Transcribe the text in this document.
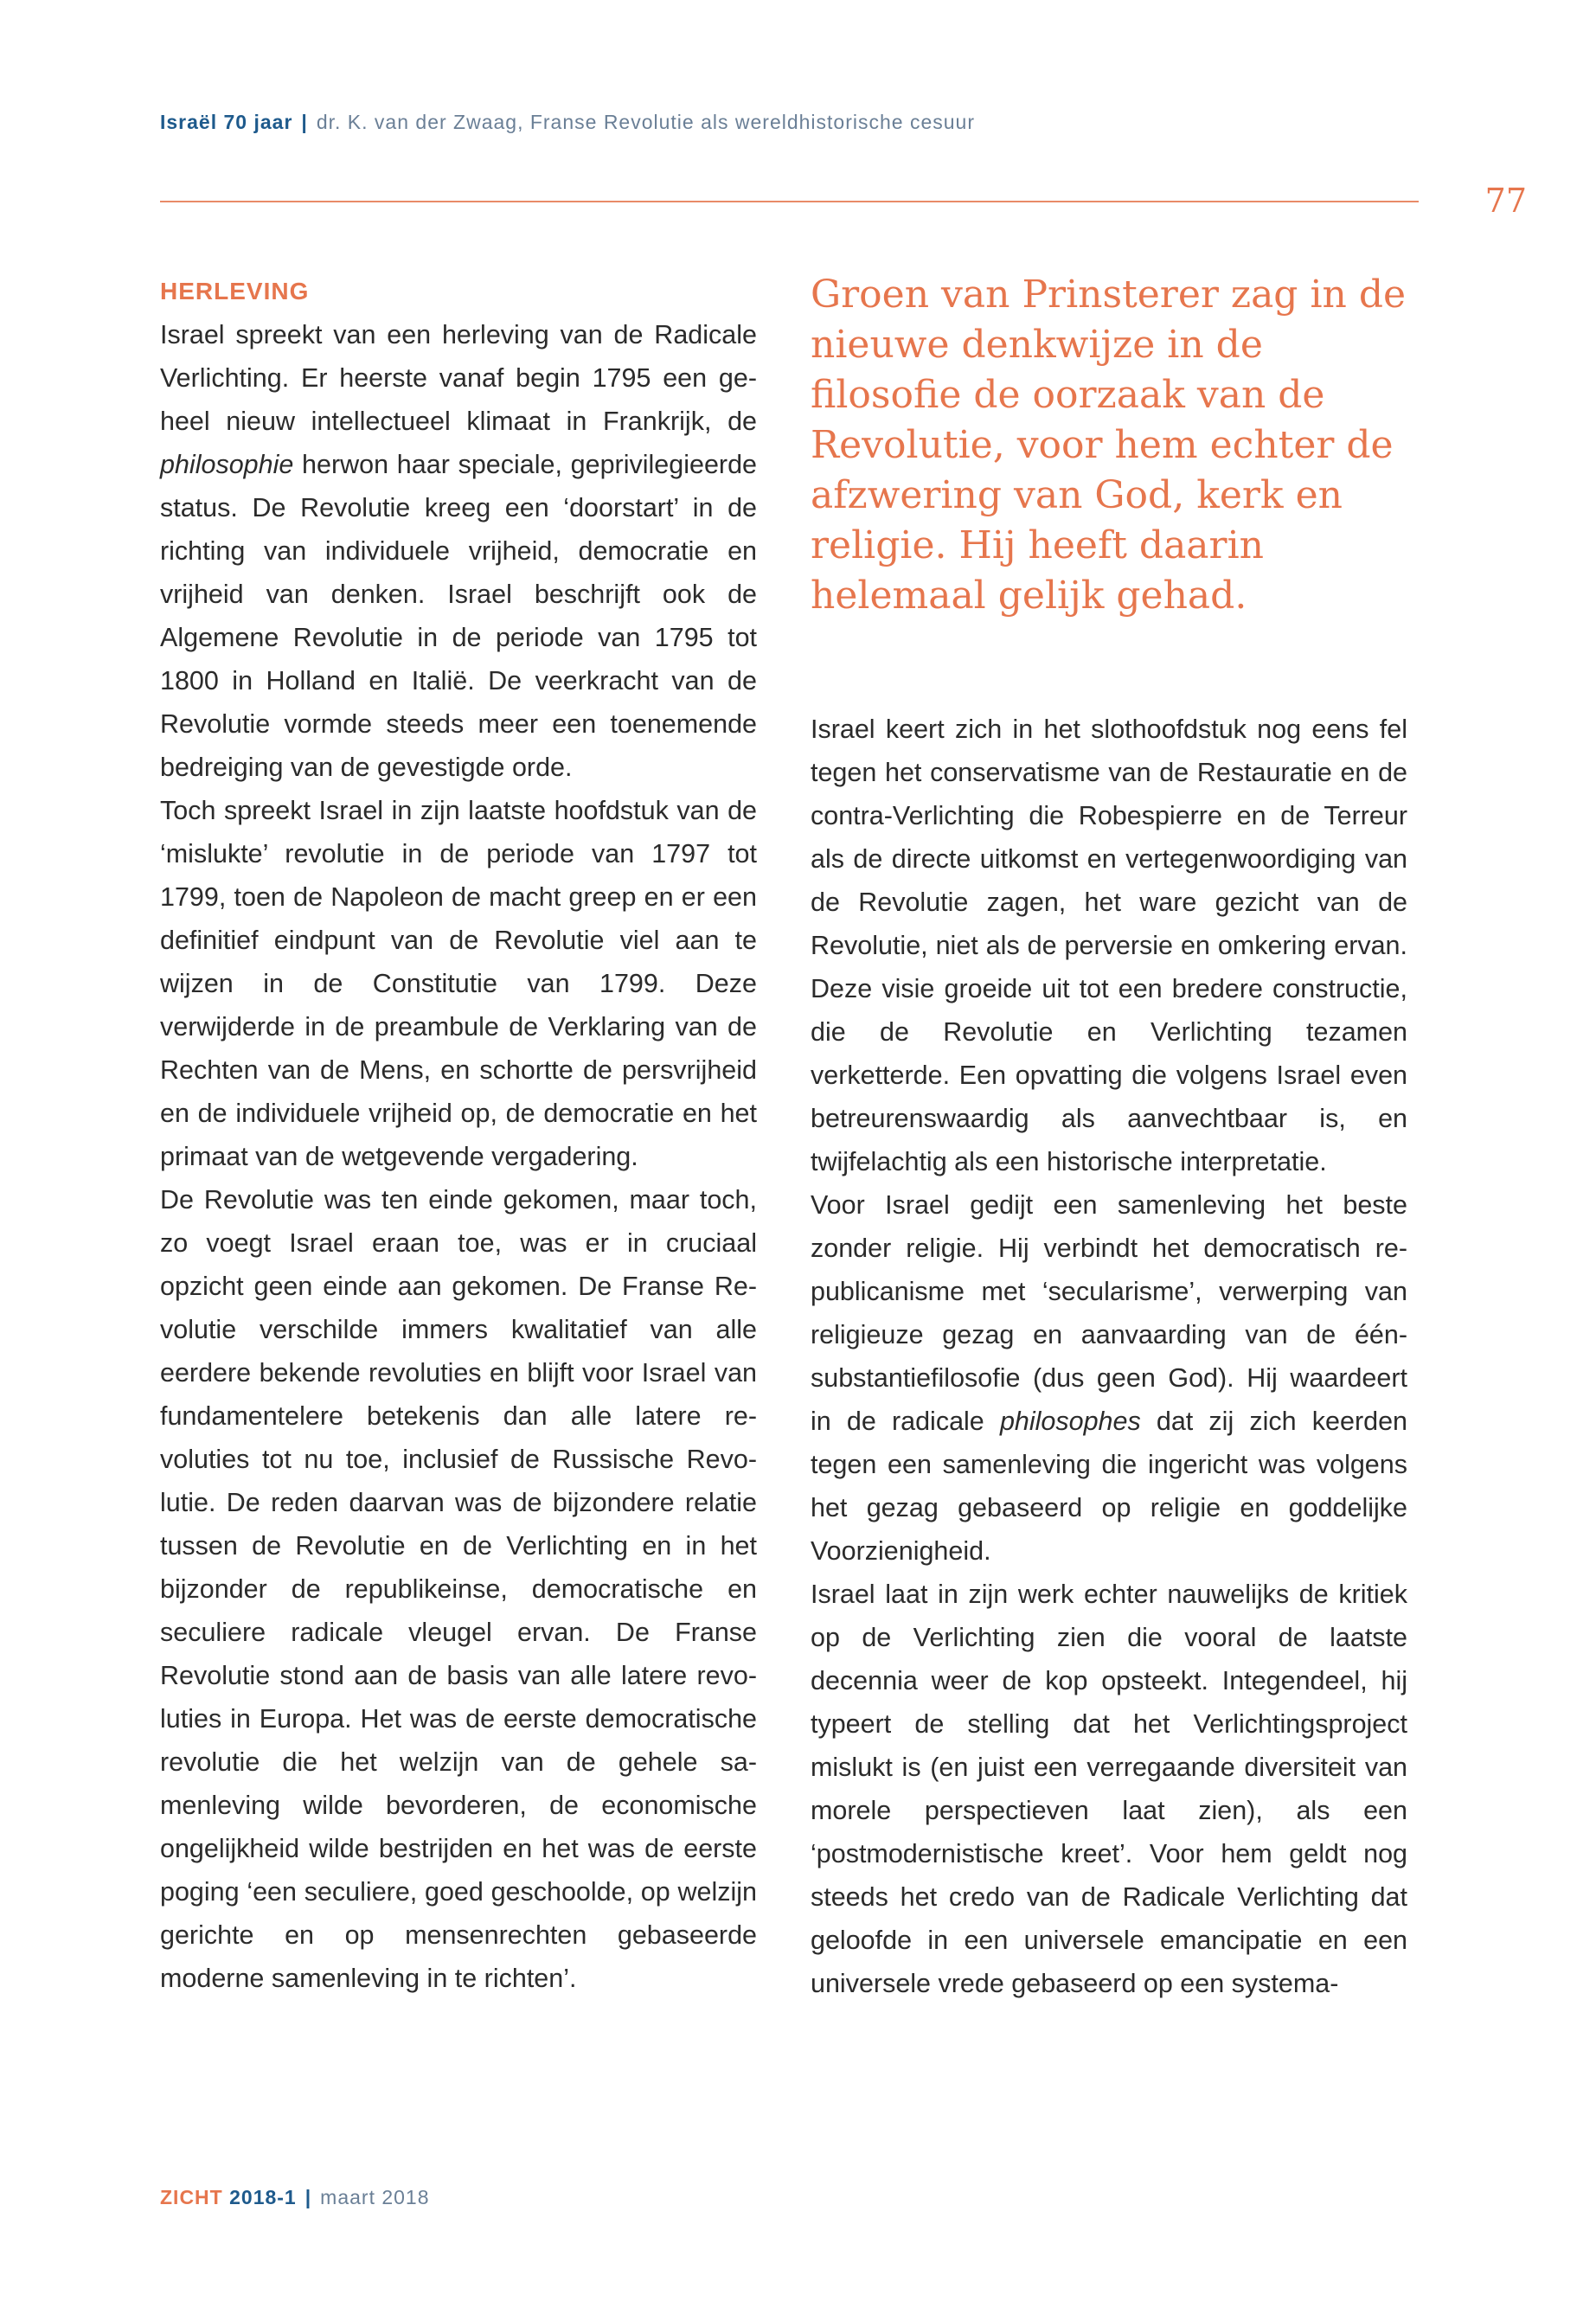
Israël 70 jaar | dr. K. van der Zwaag, Franse Revolutie als wereldhistorische cesuur
77
HERLEVING

Israel spreekt van een herleving van de Radicale Verlichting. Er heerste vanaf begin 1795 een geheel nieuw intellectueel klimaat in Frankrijk, de philosophie herwon haar speciale, geprivilegieerde status. De Revolutie kreeg een ‘doorstart’ in de richting van individuele vrijheid, democratie en vrijheid van denken. Israel beschrijft ook de Algemene Revolutie in de periode van 1795 tot 1800 in Holland en Italië. De veerkracht van de Revolutie vormde steeds meer een toenemende bedreiging van de gevestigde orde.

Toch spreekt Israel in zijn laatste hoofdstuk van de ‘mislukte’ revolutie in de periode van 1797 tot 1799, toen de Napoleon de macht greep en er een definitief eindpunt van de Revolutie viel aan te wijzen in de Constitutie van 1799. Deze verwijderde in de preambule de Verklaring van de Rechten van de Mens, en schortte de persvrijheid en de individuele vrijheid op, de democratie en het primaat van de wetgevende vergadering.

De Revolutie was ten einde gekomen, maar toch, zo voegt Israel eraan toe, was er in cruciaal opzicht geen einde aan gekomen. De Franse Revolutie verschilde immers kwalitatief van alle eerdere bekende revoluties en blijft voor Israel van fundamentelere betekenis dan alle latere revoluties tot nu toe, inclusief de Russische Revolutie. De reden daarvan was de bijzondere relatie tussen de Revolutie en de Verlichting en in het bijzonder de republikeinse, democratische en seculiere radicale vleugel ervan. De Franse Revolutie stond aan de basis van alle latere revoluties in Europa. Het was de eerste democratische revolutie die het welzijn van de gehele samenleving wilde bevorderen, de economische ongelijkheid wilde bestrijden en het was de eerste poging ‘een seculiere, goed geschoolde, op welzijn gerichte en op mensenrechten gebaseerde moderne samenleving in te richten’.

Groen van Prinsterer zag in de nieuwe denkwijze in de filosofie de oorzaak van de Revolutie, voor hem echter de afzwering van God, kerk en religie. Hij heeft daarin helemaal gelijk gehad.

Israel keert zich in het slothoofdstuk nog eens fel tegen het conservatisme van de Restauratie en de contra-Verlichting die Robespierre en de Terreur als de directe uitkomst en vertegenwoordiging van de Revolutie zagen, het ware gezicht van de Revolutie, niet als de perversie en omkering ervan. Deze visie groeide uit tot een bredere constructie, die de Revolutie en Verlichting tezamen verketterde. Een opvatting die volgens Israel even betreurenswaardig als aanvechtbaar is, en twijfelachtig als een historische interpretatie.

Voor Israel gedijt een samenleving het beste zonder religie. Hij verbindt het democratisch republicanisme met ‘secularisme’, verwerping van religieuze gezag en aanvaarding van de één-substantiefilosofie (dus geen God). Hij waardeert in de radicale philosophes dat zij zich keerden tegen een samenleving die ingericht was volgens het gezag gebaseerd op religie en goddelijke Voorzienigheid.

Israel laat in zijn werk echter nauwelijks de kritiek op de Verlichting zien die vooral de laatste decennia weer de kop opsteekt. Integendeel, hij typeert de stelling dat het Verlichtingsproject mislukt is (en juist een verregaande diversiteit van morele perspectieven laat zien), als een ‘postmodernistische kreet’. Voor hem geldt nog steeds het credo van de Radicale Verlichting dat geloofde in een universele emancipatie en een universele vrede gebaseerd op een systema-

ZICHT 2018-1 | maart 2018
